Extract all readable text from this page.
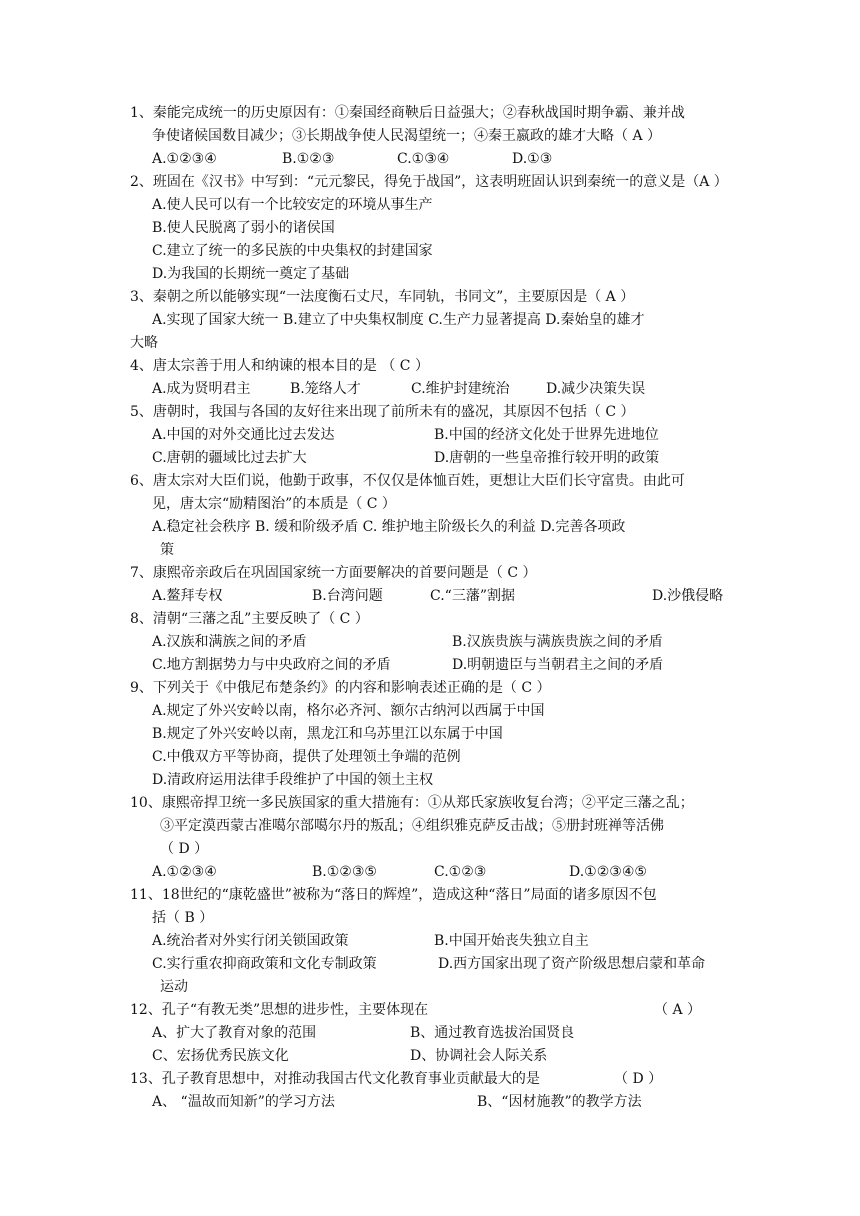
1、秦能完成统一的历史原因有：①秦国经商鞅后日益强大；②春秋战国时期争霸、兼并战
争使诸候国数目减少；③长期战争使人民渴望统一；④秦王嬴政的雄才大略（ A ）
A.①②③④	B.①②③	C.①③④	D.①③
2、班固在《汉书》中写到：“元元黎民，得免于战国”，这表明班固认识到秦统一的意义是（A ）
A.使人民可以有一个比较安定的环境从事生产
B.使人民脱离了弱小的诸侯国
C.建立了统一的多民族的中央集权的封建国家
D.为我国的长期统一奠定了基础
3、秦朝之所以能够实现“一法度衡石丈尺，车同轨，书同文”，主要原因是（ A ）
A.实现了国家大统一 B.建立了中央集权制度 C.生产力显著提高 D.秦始皇的雄才
大略
4、唐太宗善于用人和纳谏的根本目的是 （ C ）
A.成为贤明君主	B.笼络人才	C.维护封建统治	D.减少决策失误
5、唐朝时，我国与各国的友好往来出现了前所未有的盛况，其原因不包括（ C ）
A.中国的对外交通比过去发达	B.中国的经济文化处于世界先进地位
C.唐朝的疆域比过去扩大	D.唐朝的一些皇帝推行较开明的政策
6、唐太宗对大臣们说，他勤于政事，不仅仅是体恤百姓，更想让大臣们长守富贵。由此可
见，唐太宗“励精图治”的本质是（ C ）
A.稳定社会秩序 B. 缓和阶级矛盾 C. 维护地主阶级长久的利益 D.完善各项政
策
7、康熙帝亲政后在巩固国家统一方面要解决的首要问题是（ C ）
A.鳌拜专权	B.台湾问题	C.“三藩”割据	D.沙俄侵略
8、清朝“三藩之乱”主要反映了（ C ）
A.汉族和满族之间的矛盾	B.汉族贵族与满族贵族之间的矛盾
C.地方割据势力与中央政府之间的矛盾	D.明朝遗臣与当朝君主之间的矛盾
9、下列关于《中俄尼布楚条约》的内容和影响表述正确的是（ C ）
A.规定了外兴安岭以南，格尔必齐河、额尔古纳河以西属于中国
B.规定了外兴安岭以南，黑龙江和乌苏里江以东属于中国
C.中俄双方平等协商，提供了处理领土争端的范例
D.清政府运用法律手段维护了中国的领土主权
10、康熙帝捍卫统一多民族国家的重大措施有：①从郑氏家族收复台湾；②平定三藩之乱；
③平定漠西蒙古准噶尔部噶尔丹的叛乱；④组织雅克萨反击战；⑤册封班禅等活佛
（ D ）
A.①②③④	B.①②③⑤	C.①②③	D.①②③④⑤
11、18世纪的“康乾盛世”被称为“落日的辉煌”，造成这种“落日”局面的诸多原因不包
括（ B ）
A.统治者对外实行闭关锁国政策	B.中国开始丧失独立自主
C.实行重农抑商政策和文化专制政策	D.西方国家出现了资产阶级思想启蒙和革命
运动
12、孔子“有教无类”思想的进步性，主要体现在	（ A ）
A、扩大了教育对象的范围	B、通过教育选拔治国贤良
C、宏扬优秀民族文化	D、协调社会人际关系
13、孔子教育思想中，对推动我国古代文化教育事业贡献最大的是	（ D ）
A、 “温故而知新”的学习方法	B、“因材施教”的教学方法
